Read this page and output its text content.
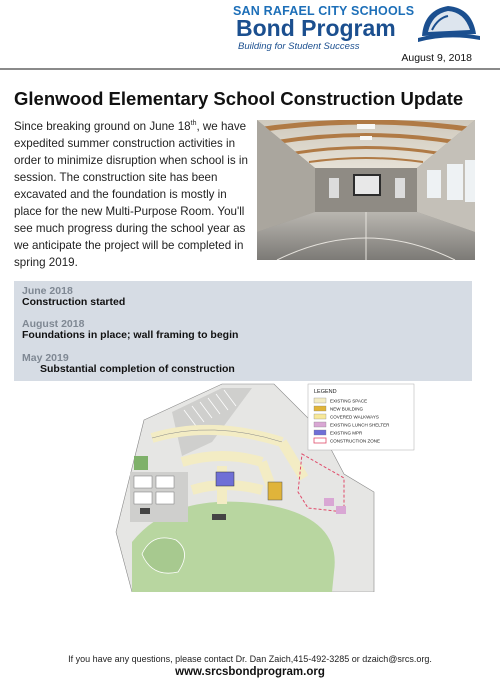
SAN RAFAEL CITY SCHOOLS
Bond Program
Building for Student Success
August 9, 2018
Glenwood Elementary School Construction Update
Since breaking ground on June 18th, we have expedited summer construction activities in order to minimize disruption when school is in session. The construction site has been excavated and the foundation is mostly in place for the new Multi-Purpose Room. You'll see much progress during the school year as we anticipate the project will be completed in spring 2019.
June 2018
Construction started
August 2018
Foundations in place; wall framing to begin
May 2019
Substantial completion of construction
LEGEND
EXISTING SPACE
NEW BUILDING
COVERED WALKWAYS
EXISTING LUNCH SHELTER
EXISTING MPR
CONSTRUCTION ZONE
If you have any questions, please contact Dr. Dan Zaich,415-492-3285 or dzaich@srcs.org.
www.srcsbondprogram.org
